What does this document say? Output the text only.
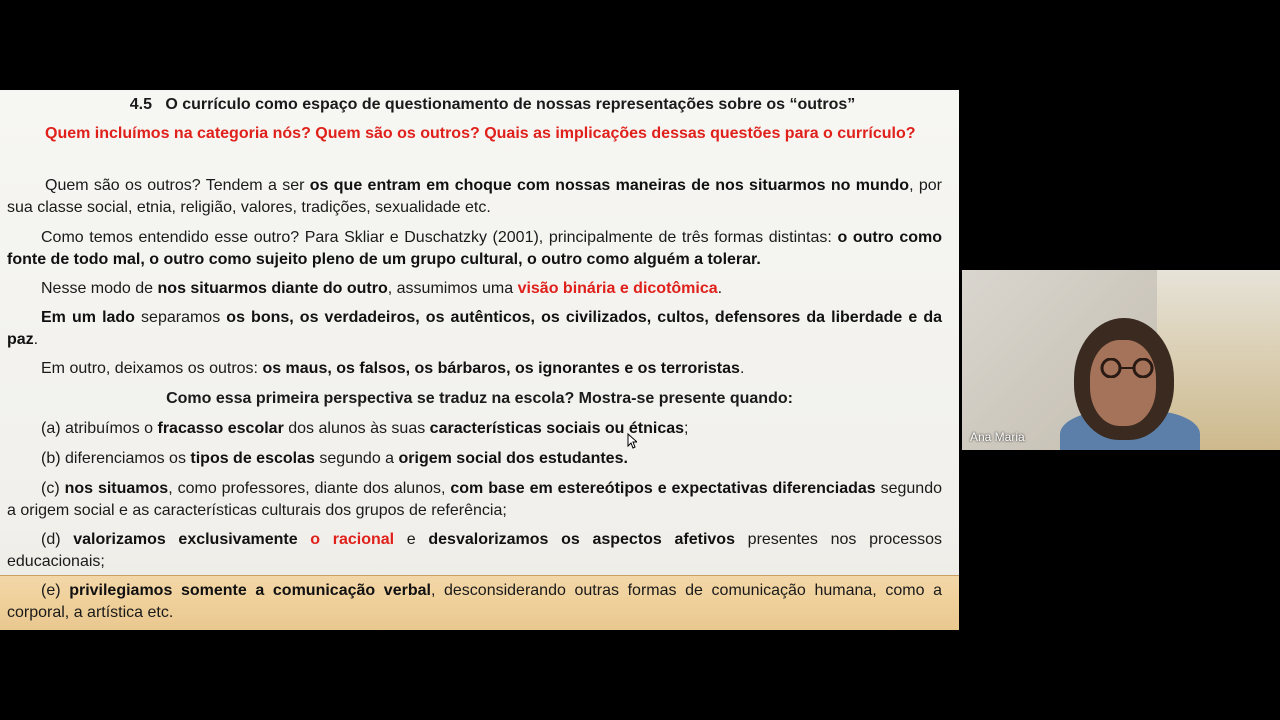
4.5 O currículo como espaço de questionamento de nossas representações sobre os “outros”
Quem incluímos na categoria nós? Quem são os outros? Quais as implicações dessas questões para o currículo?
Quem são os outros? Tendem a ser os que entram em choque com nossas maneiras de nos situarmos no mundo, por sua classe social, etnia, religião, valores, tradições, sexualidade etc.
Como temos entendido esse outro? Para Skliar e Duschatzky (2001), principalmente de três formas distintas: o outro como fonte de todo mal, o outro como sujeito pleno de um grupo cultural, o outro como alguém a tolerar.
Nesse modo de nos situarmos diante do outro, assumimos uma visão binária e dicotômica.
Em um lado separamos os bons, os verdadeiros, os autênticos, os civilizados, cultos, defensores da liberdade e da paz.
Em outro, deixamos os outros: os maus, os falsos, os bárbaros, os ignorantes e os terroristas.
Como essa primeira perspectiva se traduz na escola? Mostra-se presente quando:
(a) atribuímos o fracasso escolar dos alunos às suas características sociais ou étnicas;
(b) diferenciamos os tipos de escolas segundo a origem social dos estudantes.
(c) nos situamos, como professores, diante dos alunos, com base em estereótipos e expectativas diferenciadas segundo a origem social e as características culturais dos grupos de referência;
(d) valorizamos exclusivamente o racional e desvalorizamos os aspectos afetivos presentes nos processos educacionais;
(e) privilegiamos somente a comunicação verbal, desconsiderando outras formas de comunicação humana, como a corporal, a artística etc.
Ana Maria
